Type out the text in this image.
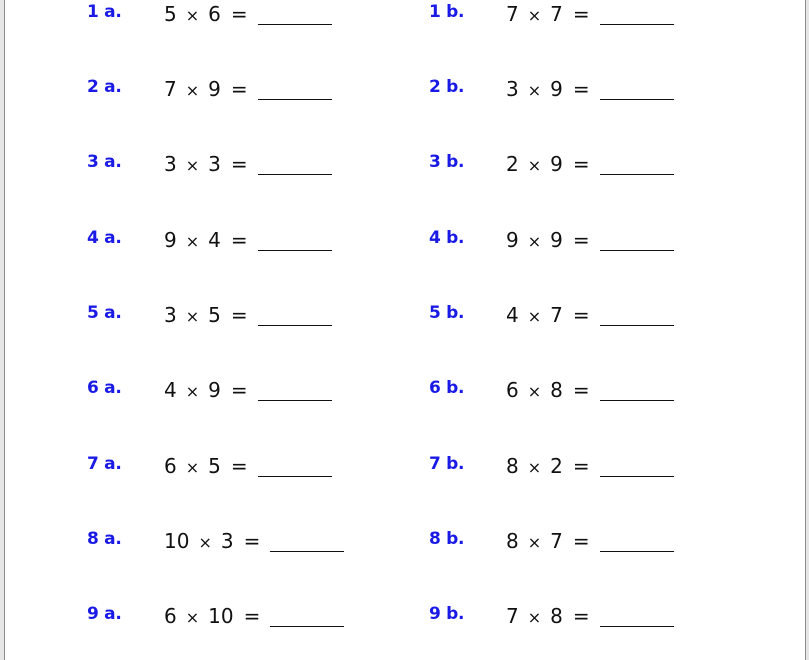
1 a. 5 × 6 =
2 a. 7 × 9 =
3 a. 3 × 3 =
4 a. 9 × 4 =
5 a. 3 × 5 =
6 a. 4 × 9 =
7 a. 6 × 5 =
8 a. 10 × 3 =
9 a. 6 × 10 =
1 b. 7 × 7 =
2 b. 3 × 9 =
3 b. 2 × 9 =
4 b. 9 × 9 =
5 b. 4 × 7 =
6 b. 6 × 8 =
7 b. 8 × 2 =
8 b. 8 × 7 =
9 b. 7 × 8 =
